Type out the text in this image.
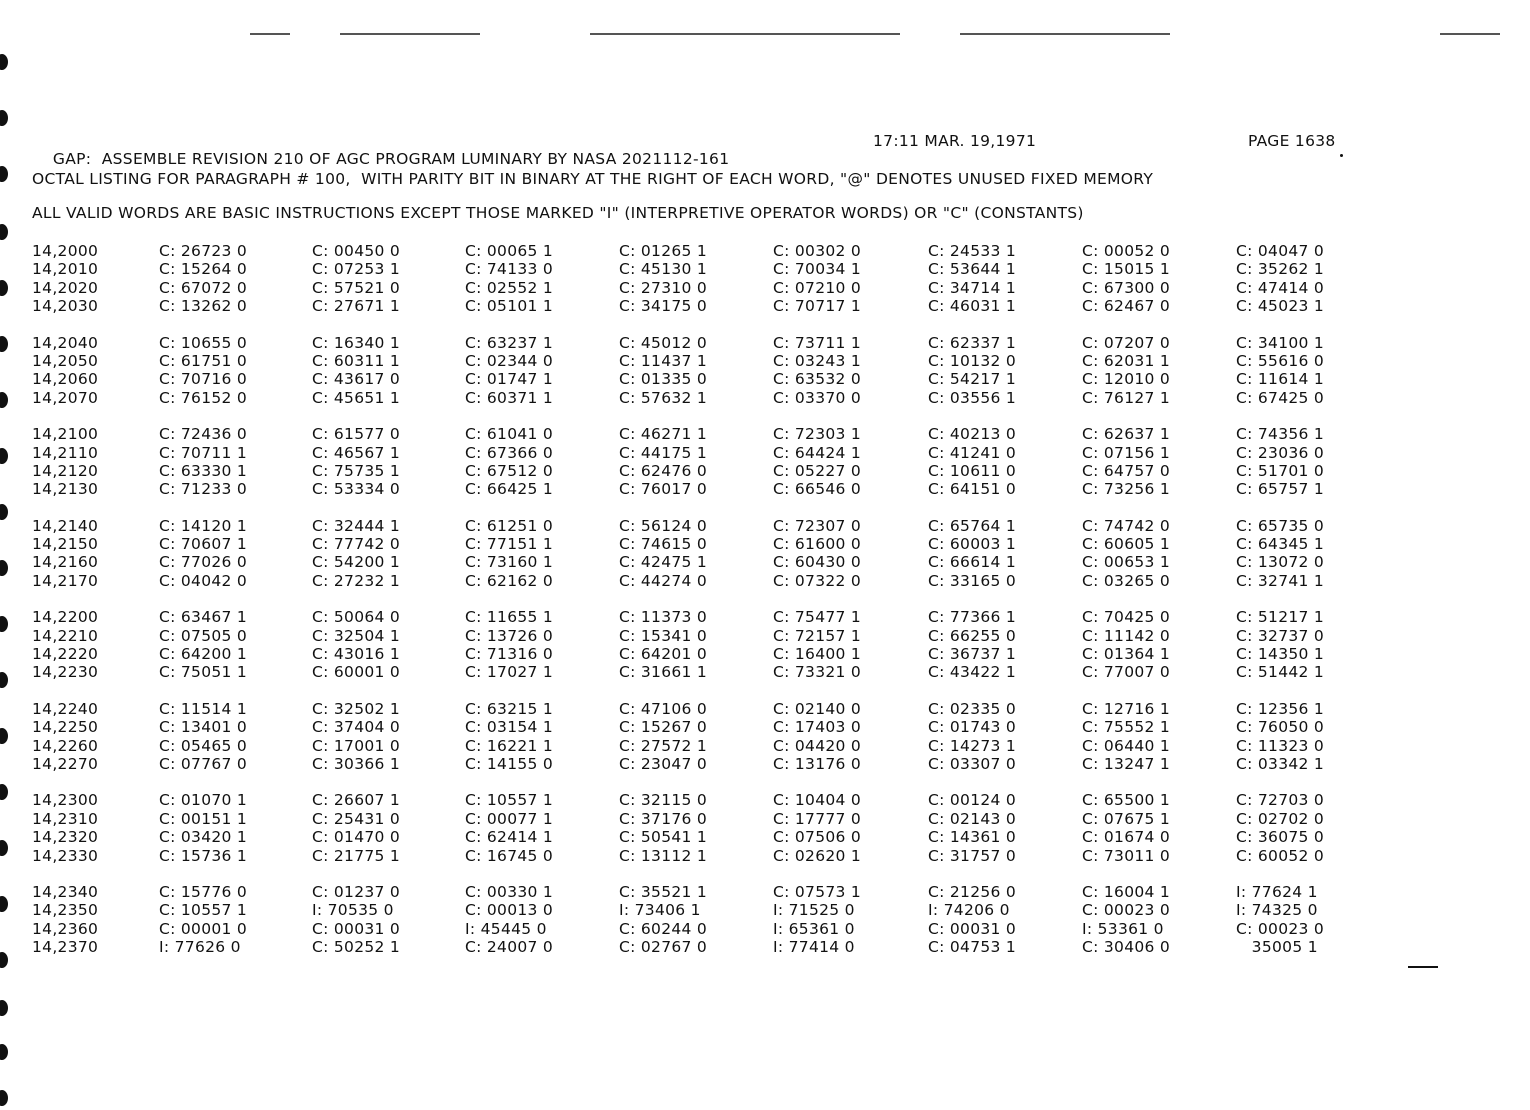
GAP:  ASSEMBLE REVISION 210 OF AGC PROGRAM LUMINARY BY NASA 2021112-161

17:11 MAR. 19,1971

	PAGE 1638

OCTAL LISTING FOR PARAGRAPH # 100,  WITH PARITY BIT IN BINARY AT THE RIGHT OF EACH WORD, "@" DENOTES UNUSED FIXED MEMORY
ALL VALID WORDS ARE BASIC INSTRUCTIONS EXCEPT THOSE MARKED "I" (INTERPRETIVE OPERATOR WORDS) OR "C" (CONSTANTS)
14,2000	C: 26723 0	C: 00450 0	C: 00065 1	C: 01265 1	C: 00302 0	C: 24533 1	C: 00052 0	C: 04047 0
14,2010	C: 15264 0	C: 07253 1	C: 74133 0	C: 45130 1	C: 70034 1	C: 53644 1	C: 15015 1	C: 35262 1
14,2020	C: 67072 0	C: 57521 0	C: 02552 1	C: 27310 0	C: 07210 0	C: 34714 1	C: 67300 0	C: 47414 0
14,2030	C: 13262 0	C: 27671 1	C: 05101 1	C: 34175 0	C: 70717 1	C: 46031 1	C: 62467 0	C: 45023 1
14,2040	C: 10655 0	C: 16340 1	C: 63237 1	C: 45012 0	C: 73711 1	C: 62337 1	C: 07207 0	C: 34100 1
14,2050	C: 61751 0	C: 60311 1	C: 02344 0	C: 11437 1	C: 03243 1	C: 10132 0	C: 62031 1	C: 55616 0
14,2060	C: 70716 0	C: 43617 0	C: 01747 1	C: 01335 0	C: 63532 0	C: 54217 1	C: 12010 0	C: 11614 1
14,2070	C: 76152 0	C: 45651 1	C: 60371 1	C: 57632 1	C: 03370 0	C: 03556 1	C: 76127 1	C: 67425 0
14,2100	C: 72436 0	C: 61577 0	C: 61041 0	C: 46271 1	C: 72303 1	C: 40213 0	C: 62637 1	C: 74356 1
14,2110	C: 70711 1	C: 46567 1	C: 67366 0	C: 44175 1	C: 64424 1	C: 41241 0	C: 07156 1	C: 23036 0
14,2120	C: 63330 1	C: 75735 1	C: 67512 0	C: 62476 0	C: 05227 0	C: 10611 0	C: 64757 0	C: 51701 0
14,2130	C: 71233 0	C: 53334 0	C: 66425 1	C: 76017 0	C: 66546 0	C: 64151 0	C: 73256 1	C: 65757 1
14,2140	C: 14120 1	C: 32444 1	C: 61251 0	C: 56124 0	C: 72307 0	C: 65764 1	C: 74742 0	C: 65735 0
14,2150	C: 70607 1	C: 77742 0	C: 77151 1	C: 74615 0	C: 61600 0	C: 60003 1	C: 60605 1	C: 64345 1
14,2160	C: 77026 0	C: 54200 1	C: 73160 1	C: 42475 1	C: 60430 0	C: 66614 1	C: 00653 1	C: 13072 0
14,2170	C: 04042 0	C: 27232 1	C: 62162 0	C: 44274 0	C: 07322 0	C: 33165 0	C: 03265 0	C: 32741 1
14,2200	C: 63467 1	C: 50064 0	C: 11655 1	C: 11373 0	C: 75477 1	C: 77366 1	C: 70425 0	C: 51217 1
14,2210	C: 07505 0	C: 32504 1	C: 13726 0	C: 15341 0	C: 72157 1	C: 66255 0	C: 11142 0	C: 32737 0
14,2220	C: 64200 1	C: 43016 1	C: 71316 0	C: 64201 0	C: 16400 1	C: 36737 1	C: 01364 1	C: 14350 1
14,2230	C: 75051 1	C: 60001 0	C: 17027 1	C: 31661 1	C: 73321 0	C: 43422 1	C: 77007 0	C: 51442 1
14,2240	C: 11514 1	C: 32502 1	C: 63215 1	C: 47106 0	C: 02140 0	C: 02335 0	C: 12716 1	C: 12356 1
14,2250	C: 13401 0	C: 37404 0	C: 03154 1	C: 15267 0	C: 17403 0	C: 01743 0	C: 75552 1	C: 76050 0
14,2260	C: 05465 0	C: 17001 0	C: 16221 1	C: 27572 1	C: 04420 0	C: 14273 1	C: 06440 1	C: 11323 0
14,2270	C: 07767 0	C: 30366 1	C: 14155 0	C: 23047 0	C: 13176 0	C: 03307 0	C: 13247 1	C: 03342 1
14,2300	C: 01070 1	C: 26607 1	C: 10557 1	C: 32115 0	C: 10404 0	C: 00124 0	C: 65500 1	C: 72703 0
14,2310	C: 00151 1	C: 25431 0	C: 00077 1	C: 37176 0	C: 17777 0	C: 02143 0	C: 07675 1	C: 02702 0
14,2320	C: 03420 1	C: 01470 0	C: 62414 1	C: 50541 1	C: 07506 0	C: 14361 0	C: 01674 0	C: 36075 0
14,2330	C: 15736 1	C: 21775 1	C: 16745 0	C: 13112 1	C: 02620 1	C: 31757 0	C: 73011 0	C: 60052 0
14,2340	C: 15776 0	C: 01237 0	C: 00330 1	C: 35521 1	C: 07573 1	C: 21256 0	C: 16004 1	I: 77624 1
14,2350	C: 10557 1	I: 70535 0	C: 00013 0	I: 73406 1	I: 71525 0	I: 74206 0	C: 00023 0	I: 74325 0
14,2360	C: 00001 0	C: 00031 0	I: 45445 0	C: 60244 0	I: 65361 0	C: 00031 0	I: 53361 0	C: 00023 0
14,2370	I: 77626 0	C: 50252 1	C: 24007 0	C: 02767 0	I: 77414 0	C: 04753 1	C: 30406 0	35005 1
